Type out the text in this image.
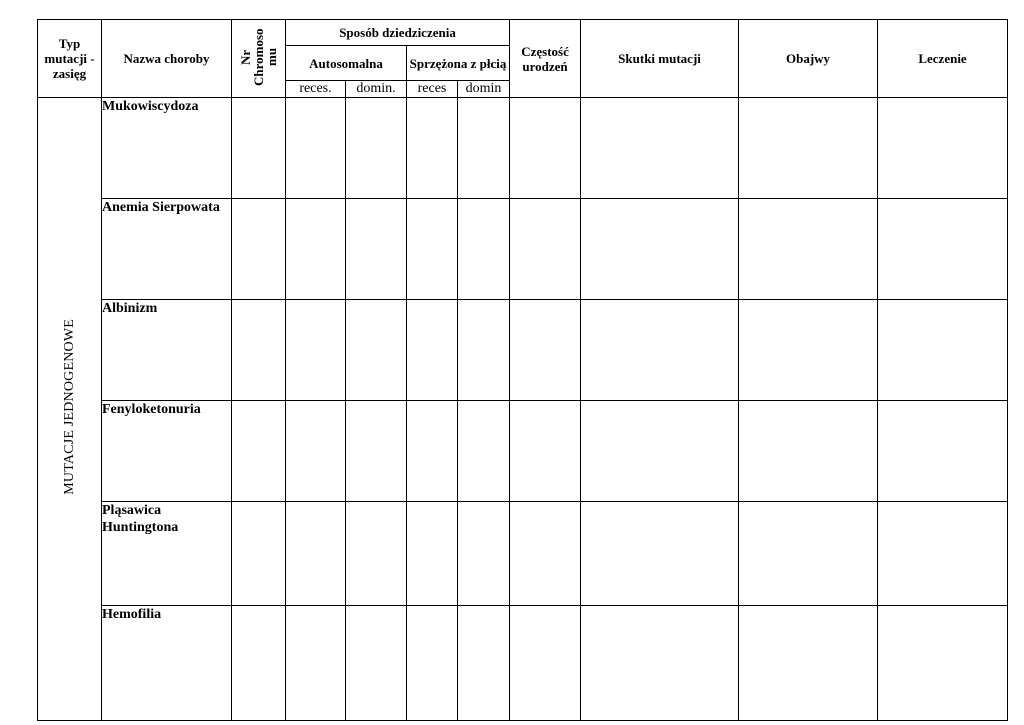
Typ mutacji - zasięg	Nazwa choroby	Nr Chromoso mu	Sposób dziedziczenia				Częstość urodzeń	Skutki mutacji	Obajwy	Leczenie
			Autosomalna		Sprzężona z płcią					
			reces.	domin.	reces	domin				
MUTACJE JEDNOGENOWE	Mukowiscydoza									
	Anemia Sierpowata									
	Albinizm									
	Fenyloketonuria									
	Pląsawica Huntingtona									
	Hemofilia									
